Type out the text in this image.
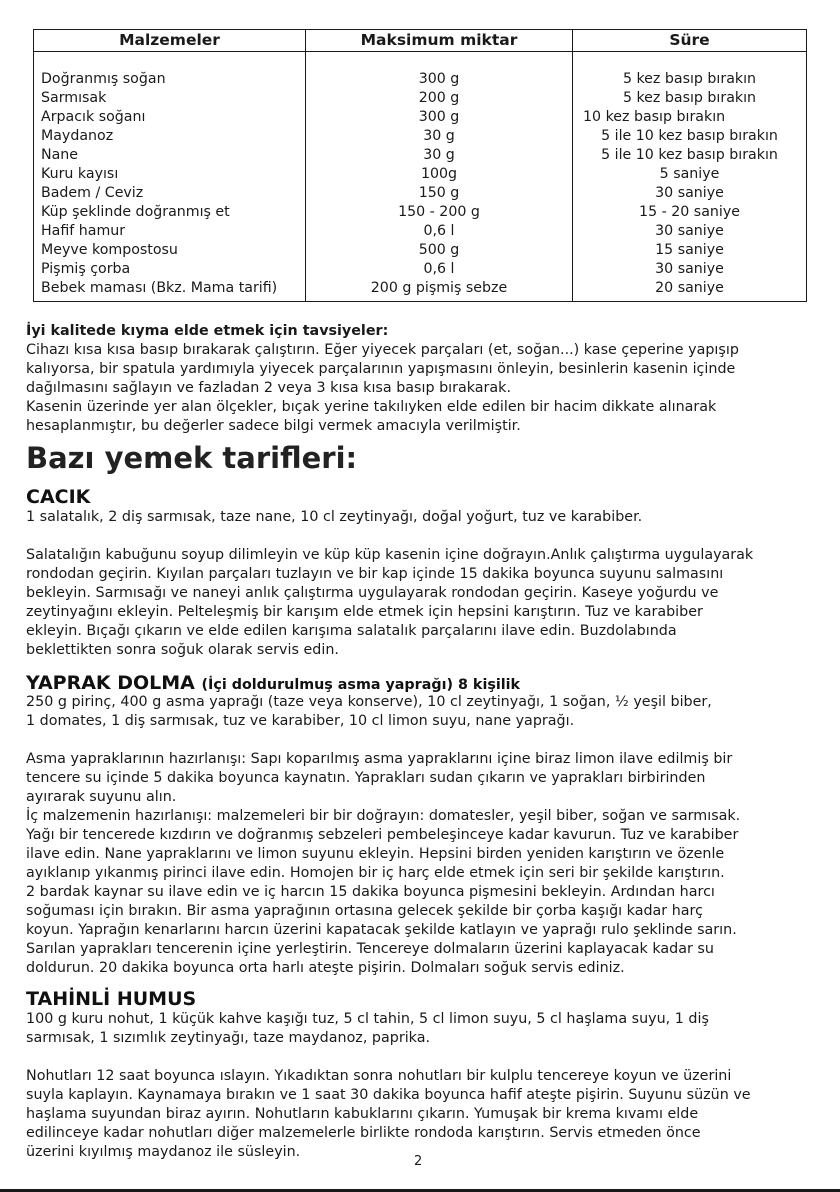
Malzemeler	Maksimum miktar	Süre
Doğranmış soğan	300 g	5 kez basıp bırakın
Sarmısak	200 g	5 kez basıp bırakın
Arpacık soğanı	300 g	10 kez basıp bırakın
Maydanoz	30 g	5 ile 10 kez basıp bırakın
Nane	30 g	5 ile 10 kez basıp bırakın
Kuru kayısı	100g	5 saniye
Badem / Ceviz	150 g	30 saniye
Küp şeklinde doğranmış et	150 - 200 g	15 - 20 saniye
Hafif hamur	0,6 l	30 saniye
Meyve kompostosu	500 g	15 saniye
Pişmiş çorba	0,6 l	30 saniye
Bebek maması (Bkz. Mama tarifi)	200 g pişmiş sebze	20 saniye

İyi kalitede kıyma elde etmek için tavsiyeler:

Cihazı kısa kısa basıp bırakarak çalıştırın. Eğer yiyecek parçaları (et, soğan...) kase çeperine yapışıp

kalıyorsa, bir spatula yardımıyla yiyecek parçalarının yapışmasını önleyin, besinlerin kasenin içinde

dağılmasını sağlayın ve fazladan 2 veya 3 kısa kısa basıp bırakarak.

Kasenin üzerinde yer alan ölçekler, bıçak yerine takılıyken elde edilen bir hacim dikkate alınarak

hesaplanmıştır, bu değerler sadece bilgi vermek amacıyla verilmiştir.

Bazı yemek tarifleri:
CACIK

1 salatalık, 2 diş sarmısak, taze nane, 10 cl zeytinyağı, doğal yoğurt, tuz ve karabiber.

Salatalığın kabuğunu soyup dilimleyin ve küp küp kasenin içine doğrayın.Anlık çalıştırma uygulayarak

rondodan geçirin. Kıyılan parçaları tuzlayın ve bir kap içinde 15 dakika boyunca suyunu salmasını

bekleyin. Sarmısağı ve naneyi anlık çalıştırma uygulayarak rondodan geçirin. Kaseye yoğurdu ve

zeytinyağını ekleyin. Pelteleşmiş bir karışım elde etmek için hepsini karıştırın. Tuz ve karabiber

ekleyin. Bıçağı çıkarın ve elde edilen karışıma salatalık parçalarını ilave edin. Buzdolabında

beklettikten sonra soğuk olarak servis edin.

YAPRAK DOLMA (İçi doldurulmuş asma yaprağı) 8 kişilik

250 g pirinç, 400 g asma yaprağı (taze veya konserve), 10 cl zeytinyağı, 1 soğan, ½ yeşil biber,

1 domates, 1 diş sarmısak, tuz ve karabiber, 10 cl limon suyu, nane yaprağı.

Asma yapraklarının hazırlanışı: Sapı koparılmış asma yapraklarını içine biraz limon ilave edilmiş bir

tencere su içinde 5 dakika boyunca kaynatın. Yaprakları sudan çıkarın ve yaprakları birbirinden

ayırarak suyunu alın.

İç malzemenin hazırlanışı: malzemeleri bir bir doğrayın: domatesler, yeşil biber, soğan ve sarmısak.

Yağı bir tencerede kızdırın ve doğranmış sebzeleri pembeleşinceye kadar kavurun. Tuz ve karabiber

ilave edin. Nane yapraklarını ve limon suyunu ekleyin. Hepsini birden yeniden karıştırın ve özenle

ayıklanıp yıkanmış pirinci ilave edin. Homojen bir iç harç elde etmek için seri bir şekilde karıştırın.

2 bardak kaynar su ilave edin ve iç harcın 15 dakika boyunca pişmesini bekleyin. Ardından harcı

soğuması için bırakın. Bir asma yaprağının ortasına gelecek şekilde bir çorba kaşığı kadar harç

koyun. Yaprağın kenarlarını harcın üzerini kapatacak şekilde katlayın ve yaprağı rulo şeklinde sarın.

Sarılan yaprakları tencerenin içine yerleştirin. Tencereye dolmaların üzerini kaplayacak kadar su

doldurun. 20 dakika boyunca orta harlı ateşte pişirin. Dolmaları soğuk servis ediniz.

TAHİNLİ HUMUS

100 g kuru nohut, 1 küçük kahve kaşığı tuz, 5 cl tahin, 5 cl limon suyu, 5 cl haşlama suyu, 1 diş

sarmısak, 1 sızımlık zeytinyağı, taze maydanoz, paprika.

Nohutları 12 saat boyunca ıslayın. Yıkadıktan sonra nohutları bir kulplu tencereye koyun ve üzerini

suyla kaplayın. Kaynamaya bırakın ve 1 saat 30 dakika boyunca hafif ateşte pişirin. Suyunu süzün ve

haşlama suyundan biraz ayırın. Nohutların kabuklarını çıkarın. Yumuşak bir krema kıvamı elde

edilinceye kadar nohutları diğer malzemelerle birlikte rondoda karıştırın. Servis etmeden önce

üzerini kıyılmış maydanoz ile süsleyin.

2
